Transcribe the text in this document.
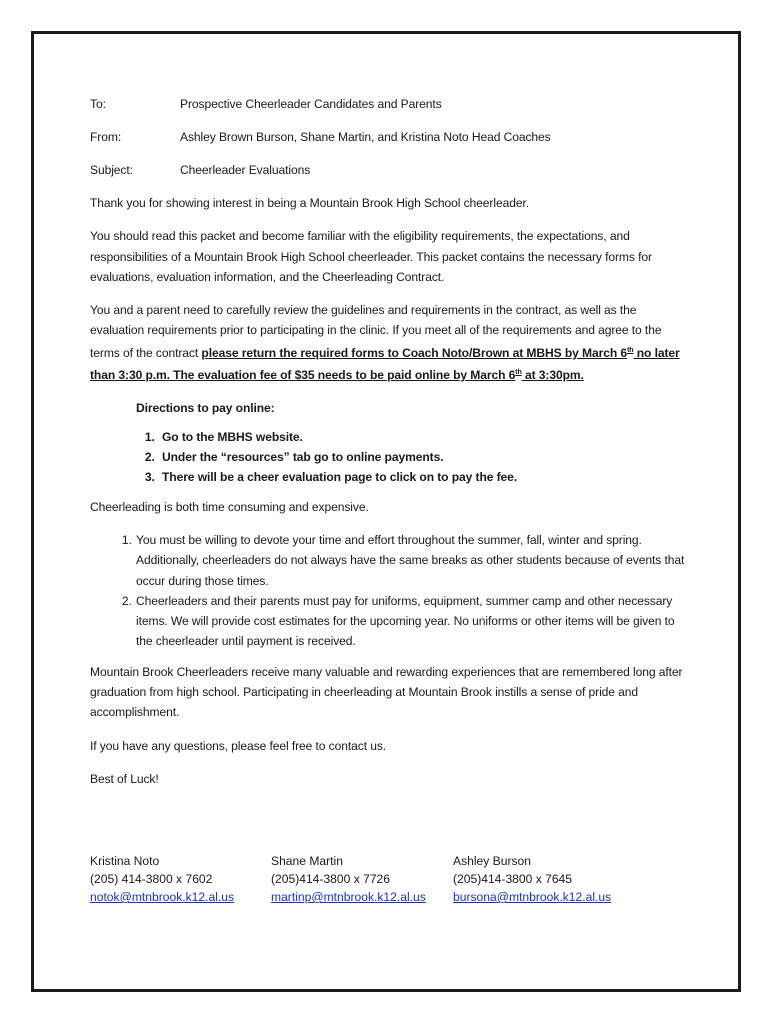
To:	Prospective Cheerleader Candidates and Parents
From:	Ashley Brown Burson, Shane Martin, and Kristina Noto Head Coaches
Subject:	Cheerleader Evaluations

Thank you for showing interest in being a Mountain Brook High School cheerleader.

You should read this packet and become familiar with the eligibility requirements, the expectations, and responsibilities of a Mountain Brook High School cheerleader. This packet contains the necessary forms for evaluations, evaluation information, and the Cheerleading Contract.

You and a parent need to carefully review the guidelines and requirements in the contract, as well as the evaluation requirements prior to participating in the clinic. If you meet all of the requirements and agree to the terms of the contract please return the required forms to Coach Noto/Brown at MBHS by March 6th no later than 3:30 p.m. The evaluation fee of $35 needs to be paid online by March 6th at 3:30pm.

Directions to pay online:
1. Go to the MBHS website.
2. Under the “resources” tab go to online payments.
3. There will be a cheer evaluation page to click on to pay the fee.

Cheerleading is both time consuming and expensive.

1. You must be willing to devote your time and effort throughout the summer, fall, winter and spring. Additionally, cheerleaders do not always have the same breaks as other students because of events that occur during those times.
2. Cheerleaders and their parents must pay for uniforms, equipment, summer camp and other necessary items. We will provide cost estimates for the upcoming year. No uniforms or other items will be given to the cheerleader until payment is received.

Mountain Brook Cheerleaders receive many valuable and rewarding experiences that are remembered long after graduation from high school. Participating in cheerleading at Mountain Brook instills a sense of pride and accomplishment.

If you have any questions, please feel free to contact us.

Best of Luck!

Kristina Noto
(205) 414-3800 x 7602
notok@mtnbrook.k12.al.us
Shane Martin
(205)414-3800 x 7726
martinp@mtnbrook.k12.al.us
Ashley Burson
(205)414-3800 x 7645
bursona@mtnbrook.k12.al.us
